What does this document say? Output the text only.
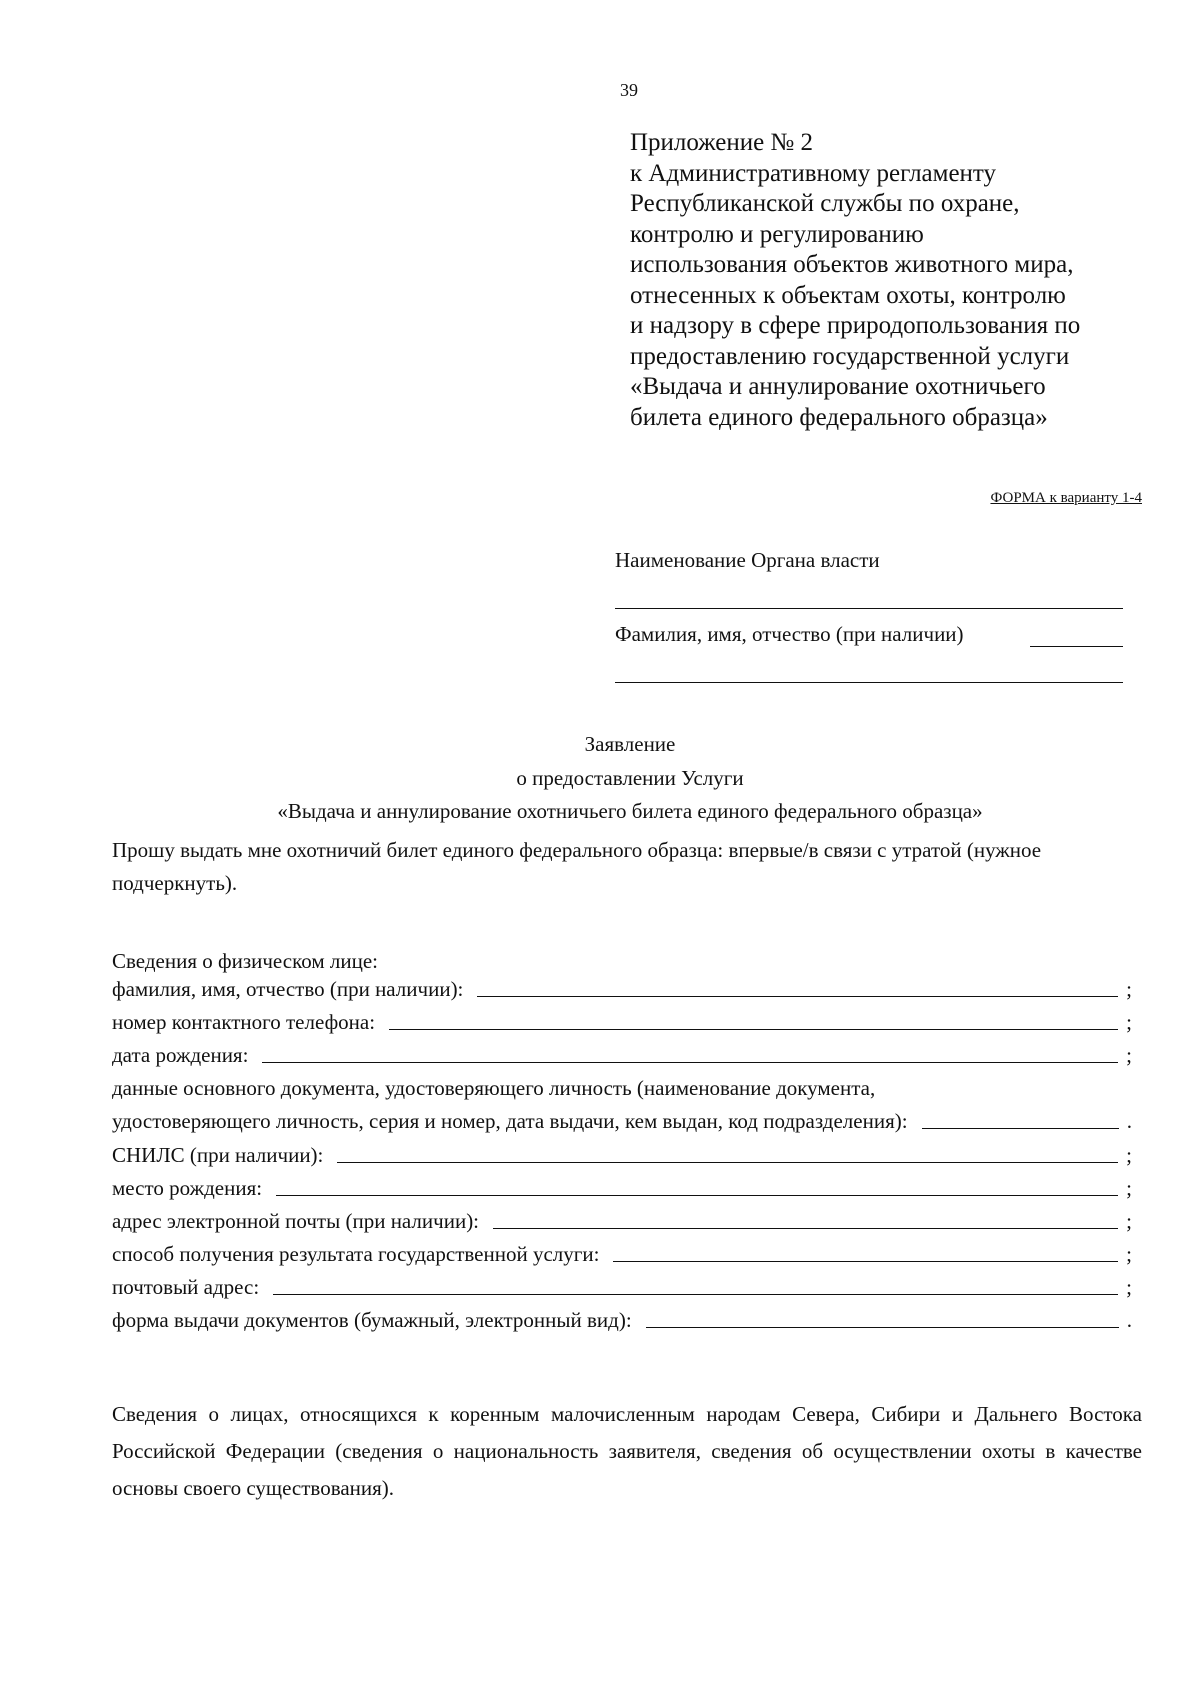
39
Приложение № 2
к Административному регламенту
Республиканской службы по охране,
контролю и регулированию
использования объектов животного мира,
отнесенных к объектам охоты, контролю
и надзору в сфере природопользования по
предоставлению государственной услуги
«Выдача и аннулирование охотничьего
билета единого федерального образца»
ФОРМА к варианту 1-4
Наименование Органа власти
Фамилия, имя, отчество (при наличии)
Заявление
о предоставлении Услуги
«Выдача и аннулирование охотничьего билета единого федерального образца»
Прошу выдать мне охотничий билет единого федерального образца: впервые/в связи с утратой (нужное подчеркнуть).
Сведения о физическом лице:
фамилия, имя, отчество (при наличии):	;
номер контактного телефона:	;
дата рождения:	;
данные основного документа, удостоверяющего личность (наименование документа,
удостоверяющего личность, серия и номер, дата выдачи, кем выдан, код подразделения):	.
СНИЛС (при наличии):	;
место рождения:	;
адрес электронной почты (при наличии):	;
способ получения результата государственной услуги:	;
почтовый адрес:	;
форма выдачи документов (бумажный, электронный вид):	.
Сведения о лицах, относящихся к коренным малочисленным народам Севера, Сибири и Дальнего Востока Российской Федерации (сведения о национальность заявителя, сведения об осуществлении охоты в качестве основы своего существования).
